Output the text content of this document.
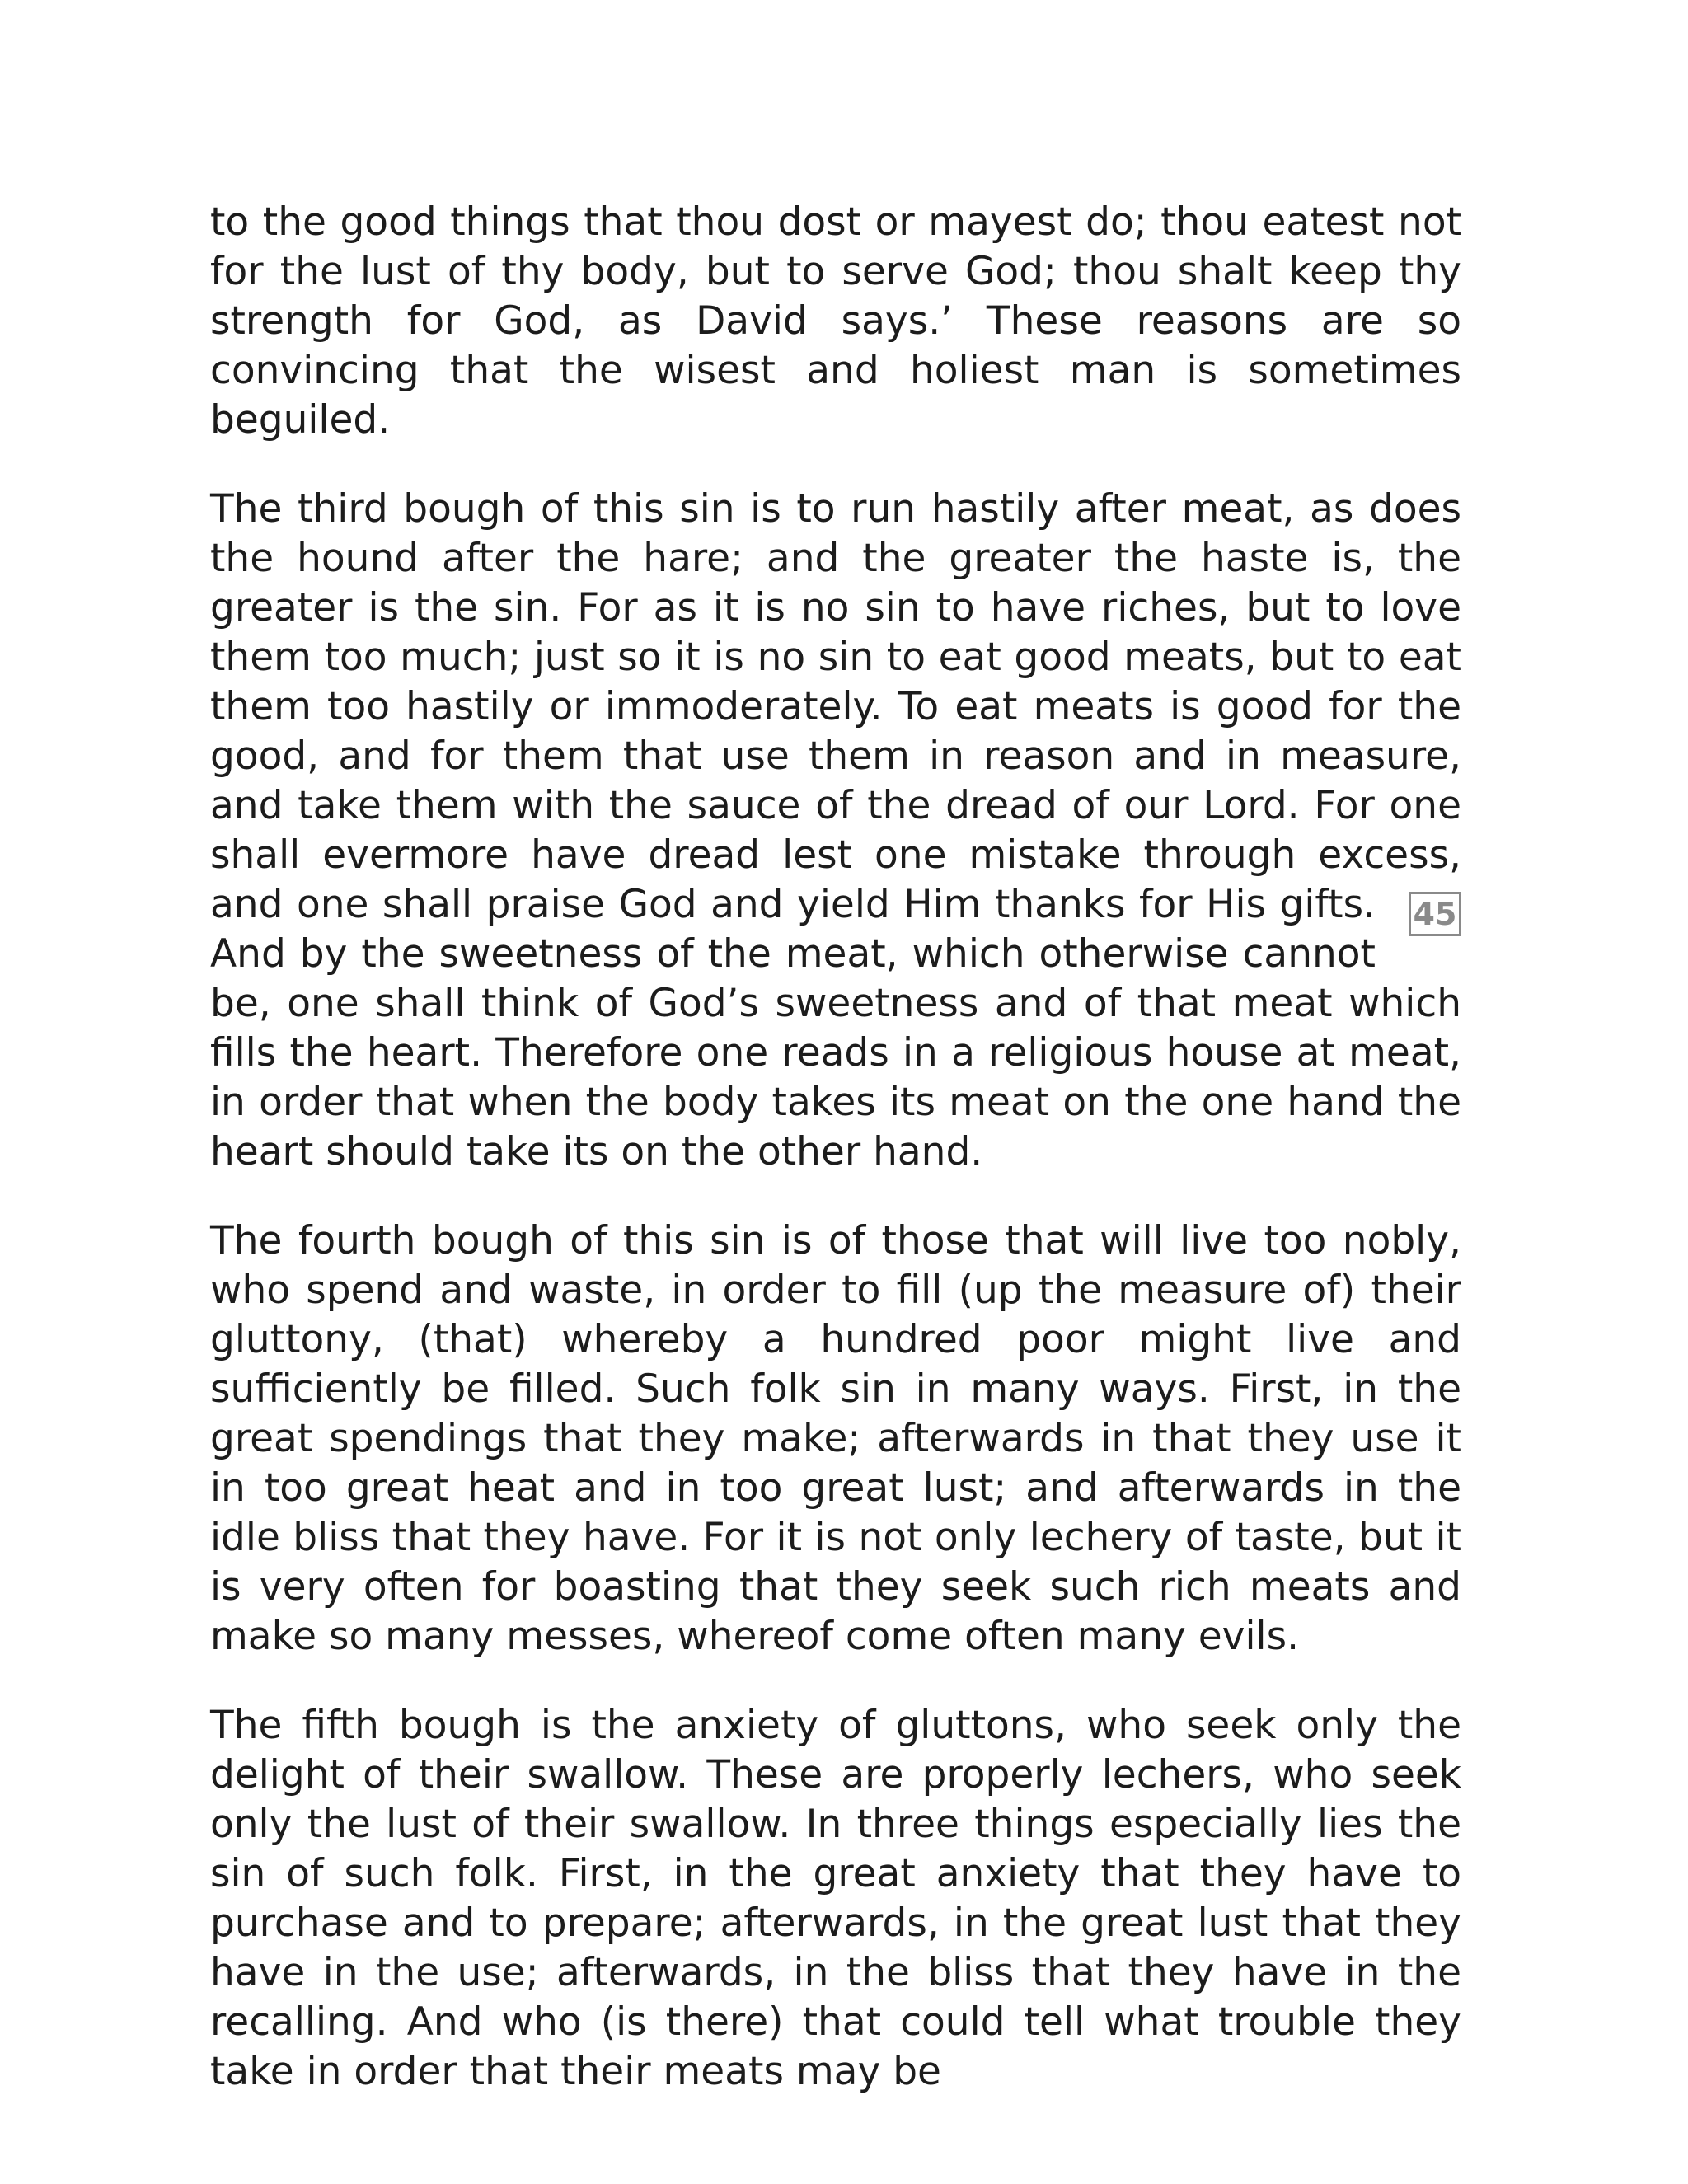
to the good things that thou dost or mayest do; thou eatest not for the lust of thy body, but to serve God; thou shalt keep thy strength for God, as David says.’ These reasons are so convincing that the wisest and holiest man is sometimes beguiled.

The third bough of this sin is to run hastily after meat, as does the hound after the hare; and the greater the haste is, the greater is the sin. For as it is no sin to have riches, but to love them too much; just so it is no sin to eat good meats, but to eat them too hastily or immoderately. To eat meats is good for the good, and for them that use them in reason and in measure, and take them with the sauce of the dread of our Lord. For one shall evermore have dread lest one mistake through excess, and one shall praise God and yield Him	45
thanks for His gifts. And by the sweetness of the meat, which otherwise cannot be, one shall think of God’s sweetness and of that meat which fills the heart. Therefore one reads in a religious house at meat, in order that when the body takes its meat on the one hand the heart should take its on the other hand.

The fourth bough of this sin is of those that will live too nobly, who spend and waste, in order to fill (up the measure of) their gluttony, (that) whereby a hundred poor might live and sufficiently be filled. Such folk sin in many ways. First, in the great spendings that they make; afterwards in that they use it in too great heat and in too great lust; and afterwards in the idle bliss that they have. For it is not only lechery of taste, but it is very often for boasting that they seek such rich meats and make so many messes, whereof come often many evils.

The fifth bough is the anxiety of gluttons, who seek only the delight of their swallow. These are properly lechers, who seek only the lust of their swallow. In three things especially lies the sin of such folk. First, in the great anxiety that they have to purchase and to prepare; afterwards, in the great lust that they have in the use; afterwards, in the bliss that they have in the recalling. And who (is there) that could tell what trouble they take in order that their meats may be
